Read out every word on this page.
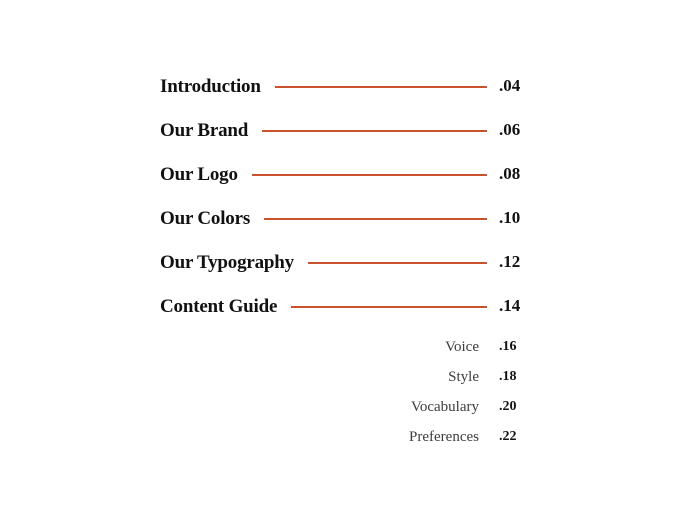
Introduction	.04
Our Brand	.06
Our Logo	.08
Our Colors	.10
Our Typography	.12
Content Guide	.14
Voice	.16
Style	.18
Vocabulary	.20
Preferences	.22
